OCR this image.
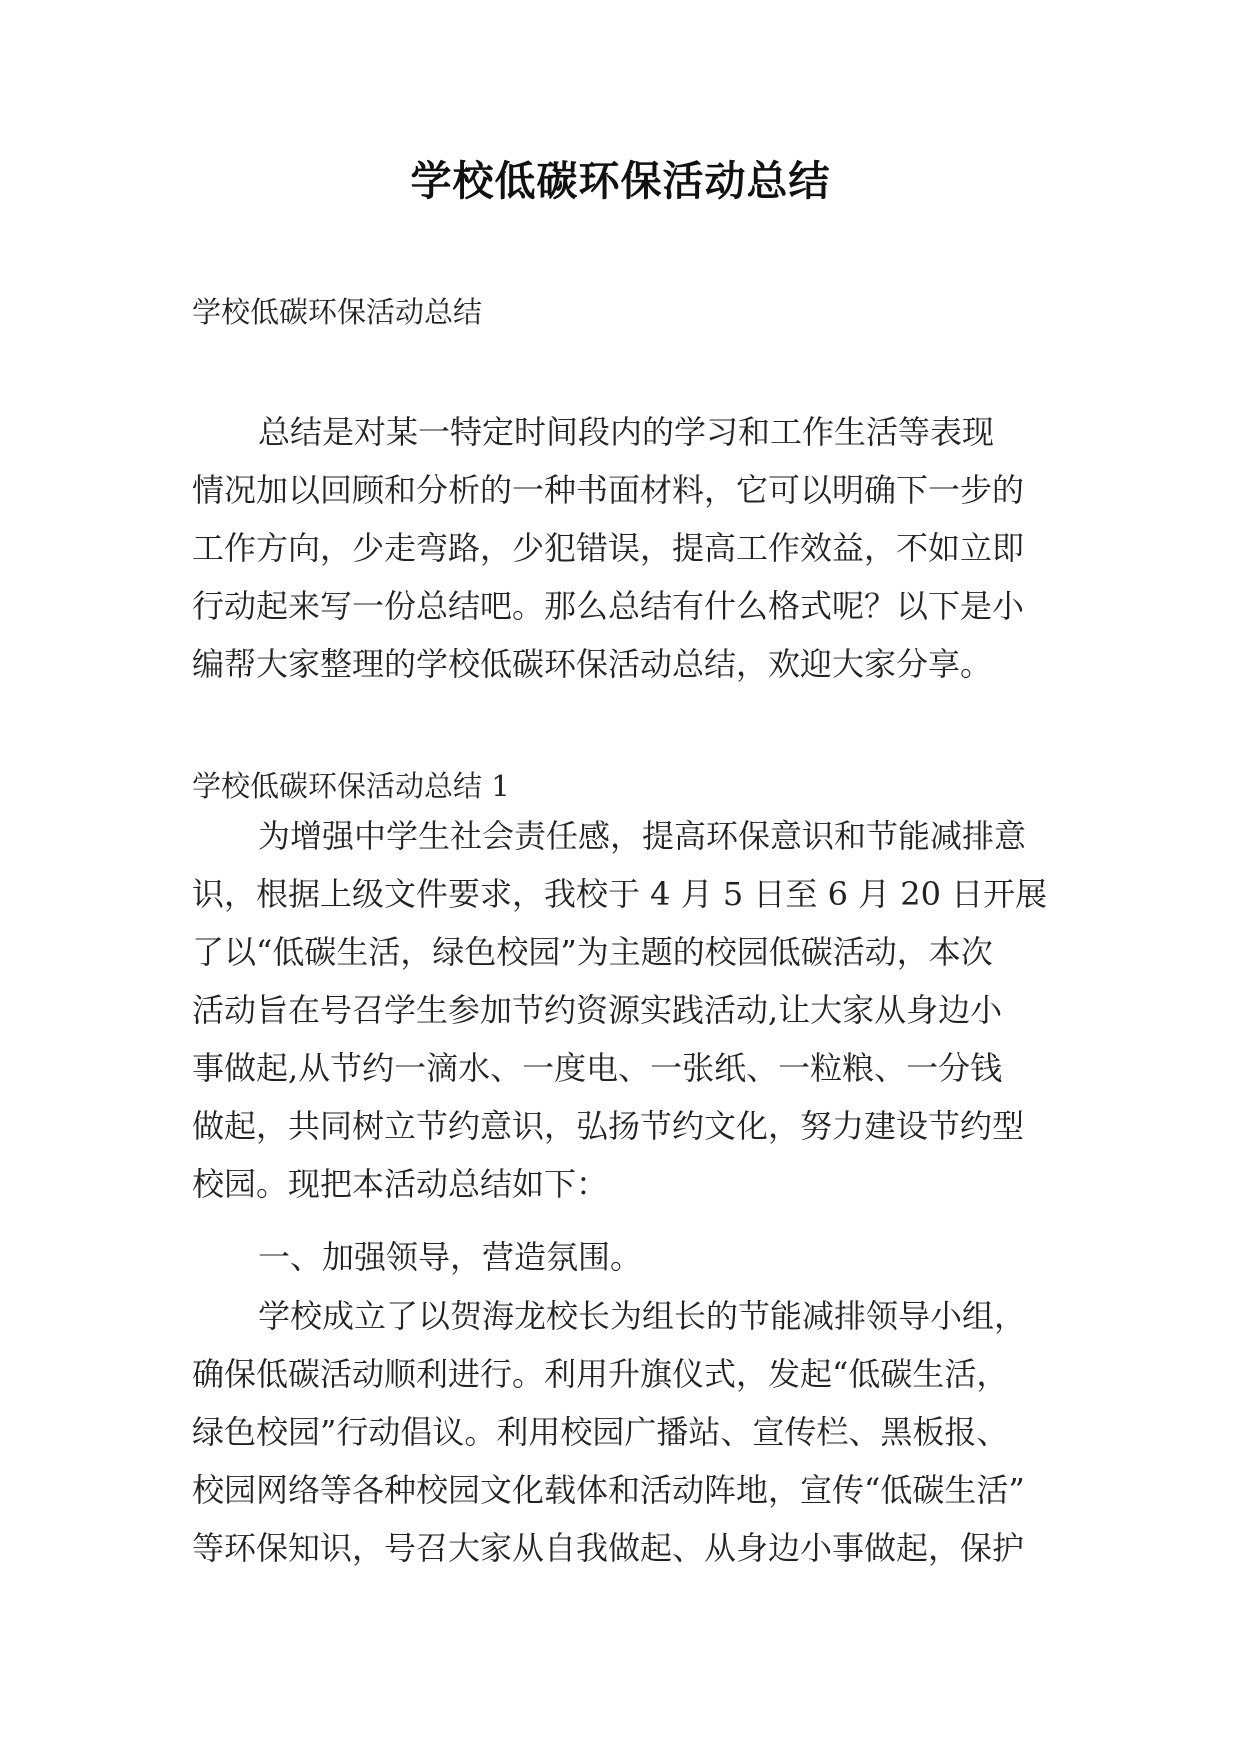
学校低碳环保活动总结
学校低碳环保活动总结
总结是对某一特定时间段内的学习和工作生活等表现
情况加以回顾和分析的一种书面材料，它可以明确下一步的
工作方向，少走弯路，少犯错误，提高工作效益，不如立即
行动起来写一份总结吧。那么总结有什么格式呢？以下是小
编帮大家整理的学校低碳环保活动总结，欢迎大家分享。
学校低碳环保活动总结 1
为增强中学生社会责任感，提高环保意识和节能减排意
识，根据上级文件要求，我校于 4 月 5 日至 6 月 20 日开展
了以“低碳生活，绿色校园”为主题的校园低碳活动，本次
活动旨在号召学生参加节约资源实践活动,让大家从身边小
事做起,从节约一滴水、一度电、一张纸、一粒粮、一分钱
做起，共同树立节约意识，弘扬节约文化，努力建设节约型
校园。现把本活动总结如下：
一、加强领导，营造氛围。
学校成立了以贺海龙校长为组长的节能减排领导小组，
确保低碳活动顺利进行。利用升旗仪式，发起“低碳生活，
绿色校园”行动倡议。利用校园广播站、宣传栏、黑板报、
校园网络等各种校园文化载体和活动阵地，宣传“低碳生活”
等环保知识，号召大家从自我做起、从身边小事做起，保护
